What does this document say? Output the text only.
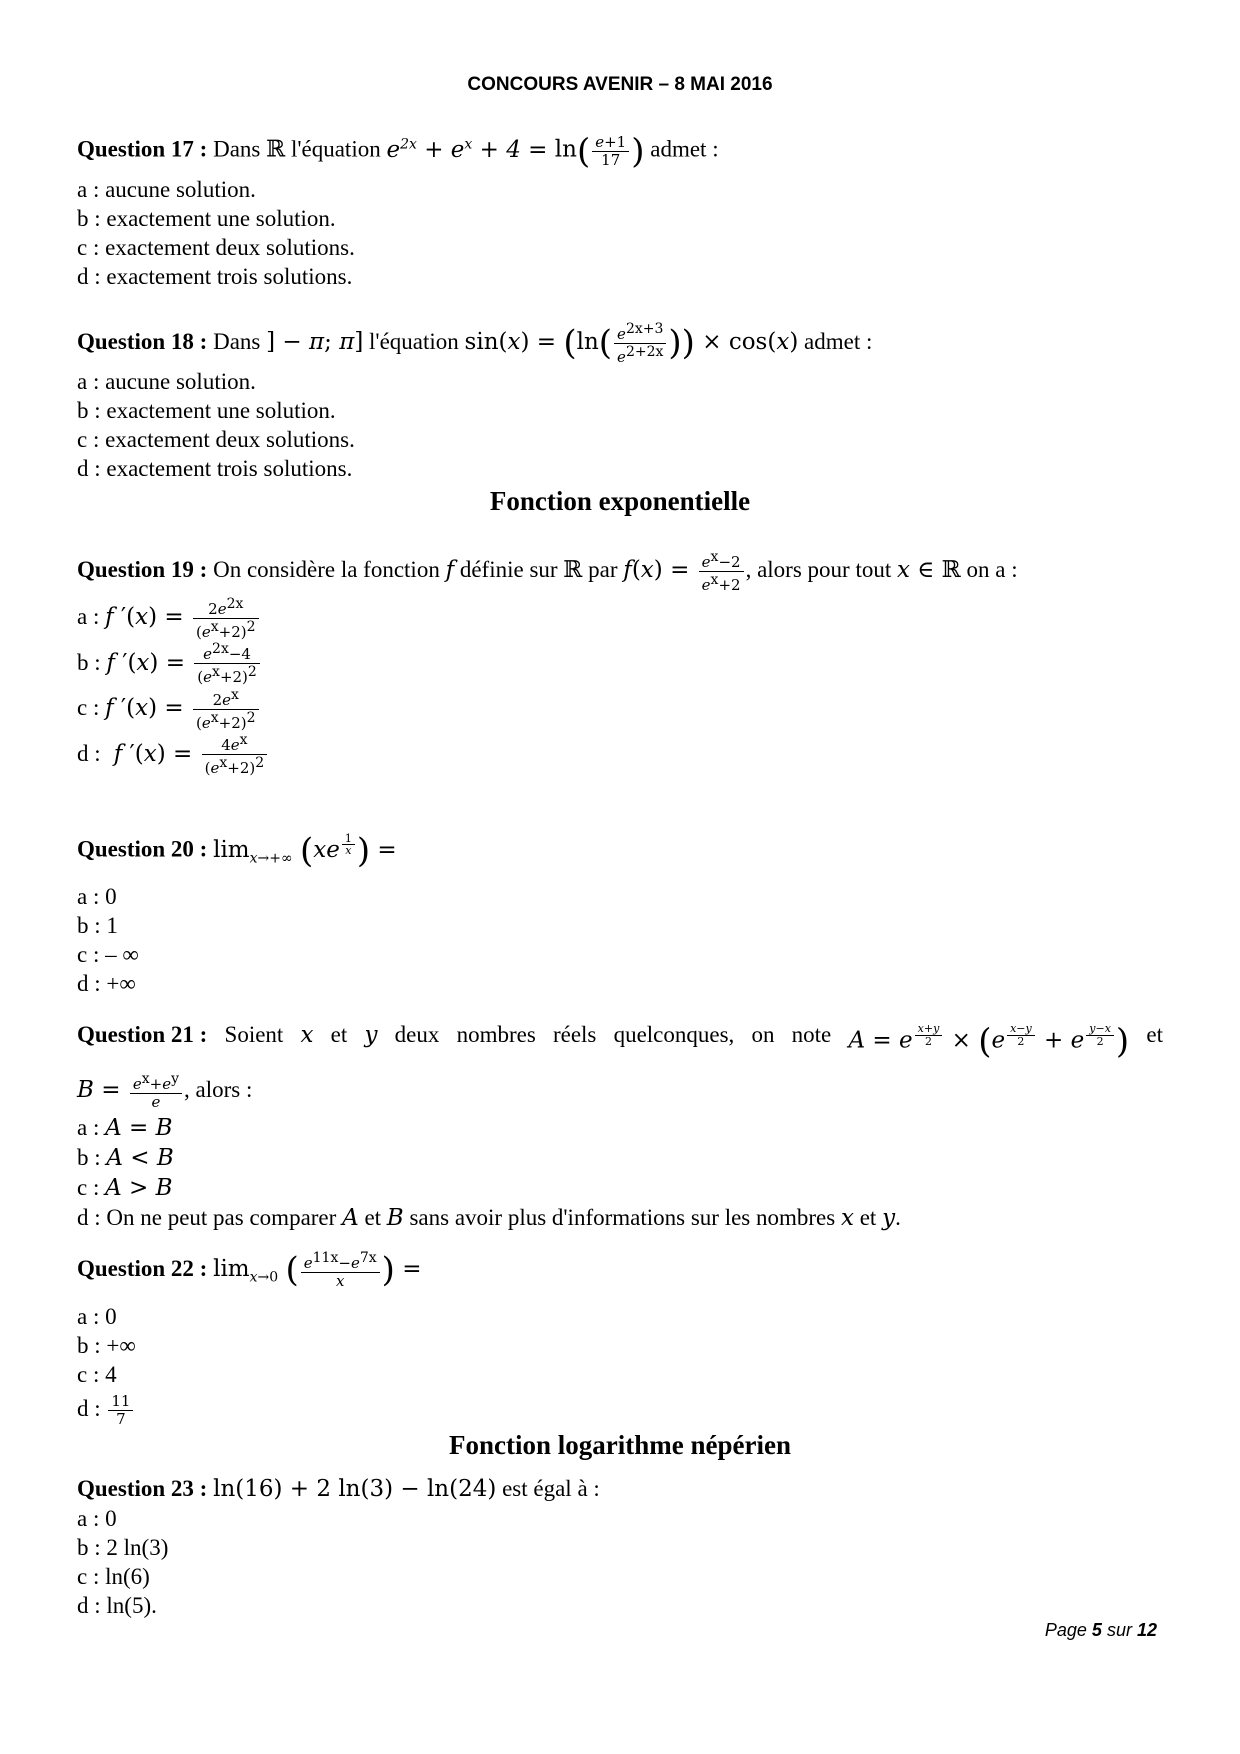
CONCOURS AVENIR – 8 MAI 2016
Question 17 : Dans ℝ l'équation $e^{2x} + e^x + 4 = \ln( \frac{e+1}{17}$ ) admet :
a : aucune solution.
b : exactement une solution.
c : exactement deux solutions.
d : exactement trois solutions.
Question 18 : Dans ] − π; π] l'équation $\sin(x) = (\ln( \frac{e^{2x+3}}{e^{2+2x}}$ )) × cos(x) admet :
a : aucune solution.
b : exactement une solution.
c : exactement deux solutions.
d : exactement trois solutions.
Fonction exponentielle
Question 19 : On considère la fonction f définie sur ℝ par $f(x) = \frac{e^x-2}{e^x+2}$ , alors pour tout x ∈ ℝ on a :
a : f $'(x) = \frac{2e^{2x}}{(e^x+2)^2}$
b : f $'(x) = \frac{e^{2x}-4}{(e^x+2)^2}$
c : f $'(x) = \frac{2e^x}{(e^x+2)^2}$
d : f $'(x) = \frac{4e^x}{(e^x+2)^2}$
Question 20 : $\lim_{x\to+\infty} (xe$ $^{\frac{1}{x}}$ ) =
a : 0
b : 1
c : – ∞
d : +∞
Question 21 : Soient x et y deux nombres réels quelconques, on note A = e $^{\frac{x+y}{2}}$ × (e $^{\frac{x-y}{2}}$ + e $^{\frac{y-x}{2}}$ ) et
$B = \frac{e^x+e^y}{e}$ , alors :
a : A = B
b : A < B
c : A > B
d : On ne peut pas comparer A et B sans avoir plus d'informations sur les nombres x et y.
Question 22 : $\lim_{x\to 0}$ ( $\frac{e^{11x}-e^{7x}}{x}$ ) =
a : 0
b : +∞
c : 4
d : $\frac{11}{7}$
Fonction logarithme népérien
Question 23 : ln(16) + 2 ln(3) − ln(24) est égal à :
a : 0
b : 2 ln(3)
c : ln(6)
d : ln(5).
Page 5 sur 12
